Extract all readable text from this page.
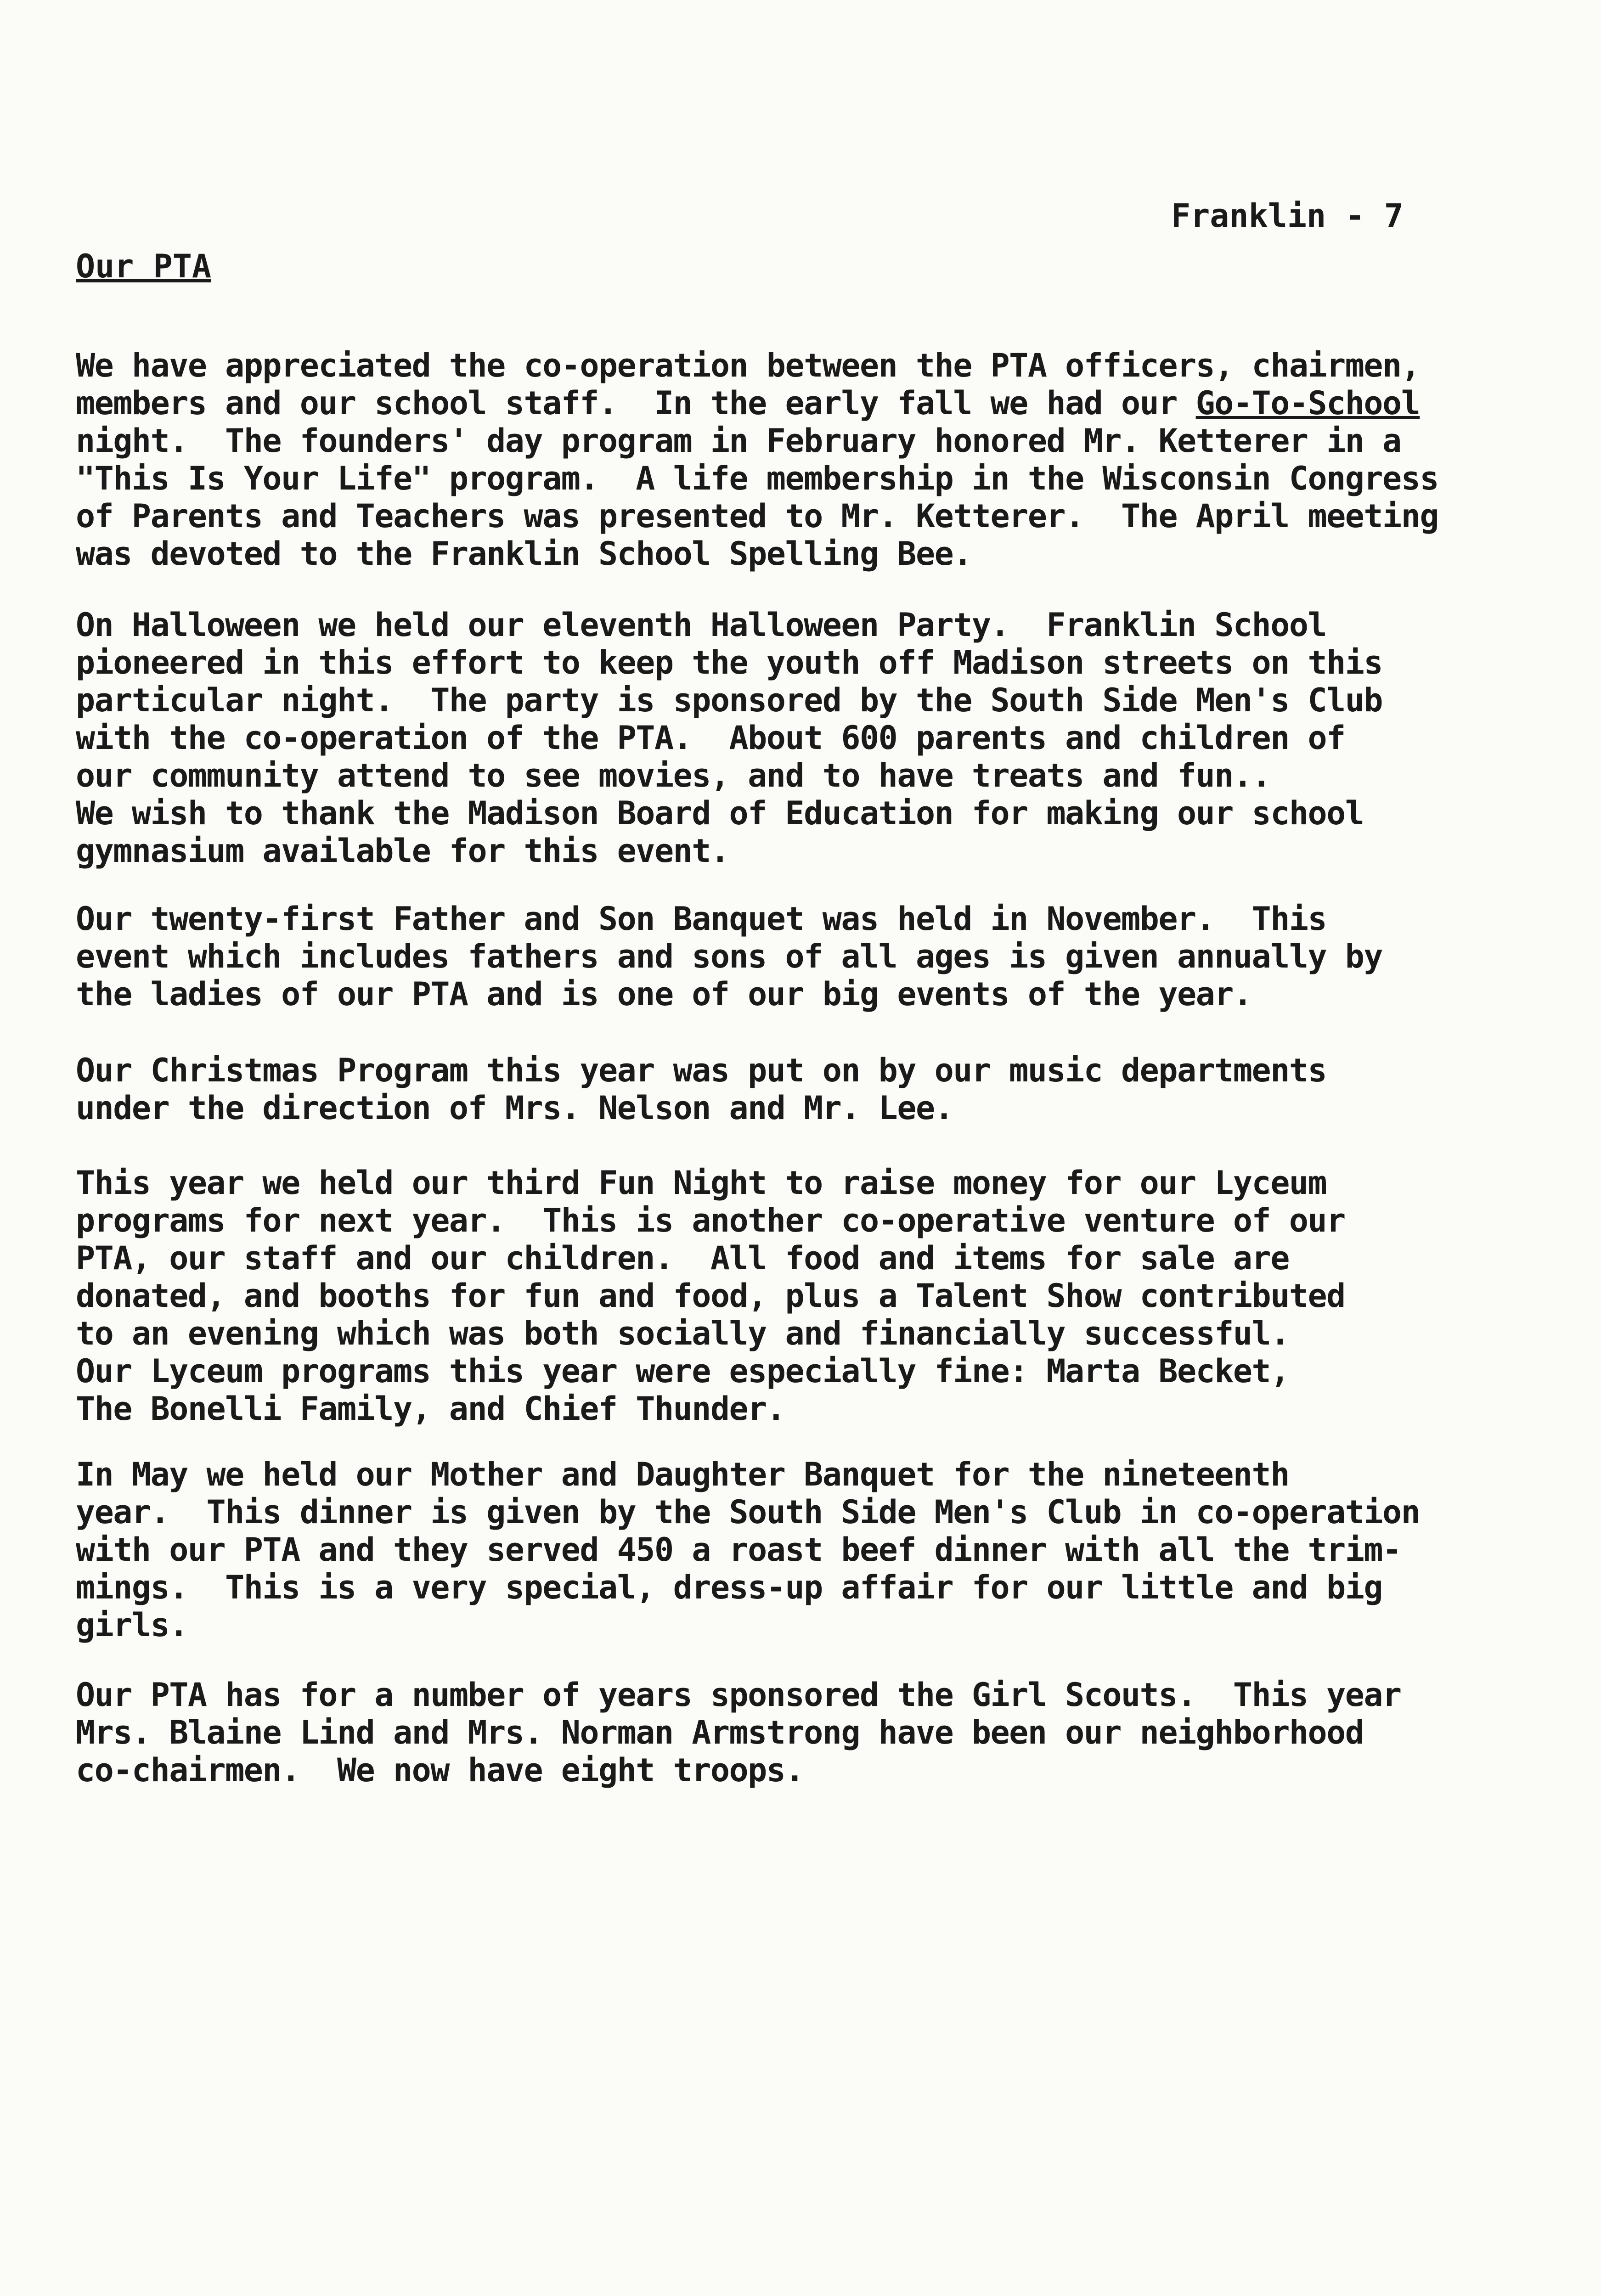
Franklin - 7
Our PTA
We have appreciated the co-operation between the PTA officers, chairmen,
members and our school staff.  In the early fall we had our Go-To-School
night.  The founders' day program in February honored Mr. Ketterer in a
"This Is Your Life" program.  A life membership in the Wisconsin Congress
of Parents and Teachers was presented to Mr. Ketterer.  The April meeting
was devoted to the Franklin School Spelling Bee.
On Halloween we held our eleventh Halloween Party.  Franklin School
pioneered in this effort to keep the youth off Madison streets on this
particular night.  The party is sponsored by the South Side Men's Club
with the co-operation of the PTA.  About 600 parents and children of
our community attend to see movies, and to have treats and fun..
We wish to thank the Madison Board of Education for making our school
gymnasium available for this event.
Our twenty-first Father and Son Banquet was held in November.  This
event which includes fathers and sons of all ages is given annually by
the ladies of our PTA and is one of our big events of the year.
Our Christmas Program this year was put on by our music departments
under the direction of Mrs. Nelson and Mr. Lee.
This year we held our third Fun Night to raise money for our Lyceum
programs for next year.  This is another co-operative venture of our
PTA, our staff and our children.  All food and items for sale are
donated, and booths for fun and food, plus a Talent Show contributed
to an evening which was both socially and financially successful.
Our Lyceum programs this year were especially fine: Marta Becket,
The Bonelli Family, and Chief Thunder.
In May we held our Mother and Daughter Banquet for the nineteenth
year.  This dinner is given by the South Side Men's Club in co-operation
with our PTA and they served 450 a roast beef dinner with all the trim-
mings.  This is a very special, dress-up affair for our little and big
girls.
Our PTA has for a number of years sponsored the Girl Scouts.  This year
Mrs. Blaine Lind and Mrs. Norman Armstrong have been our neighborhood
co-chairmen.  We now have eight troops.
